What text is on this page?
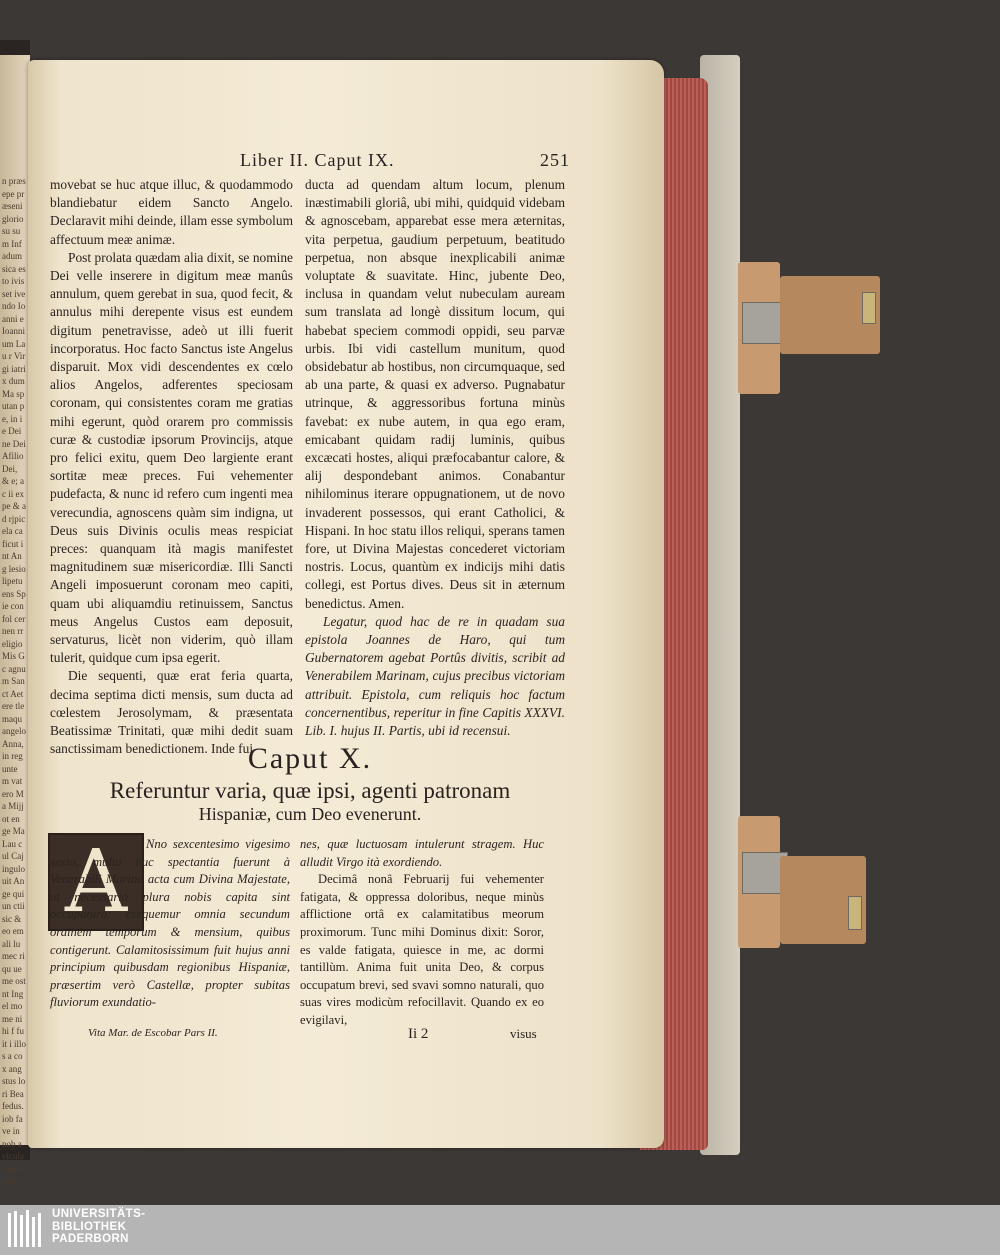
n præsepe præseni gloriosu sum Inf adum sica esto ivisset ivendo Ioanni e Ioanni um Lau r Virgi iatrix dum Ma sputan pe, in ie Dei ne Dei Afilio Dei, & e; ac ii expe & ad rjpic ela ca ficut int Ang lesio lipetu ens Spie confol cernen rreligio Mis Gc agnum Sanct Aetere tlemaqu angelo Anna, in reg unte m vatero Ma Mijjot en ge Ma Lau cul Caj ingulo uit Ange qui un ctii sic & eo emali lumec ri qu ue me ostnt Ingel mo me nihi f fuit i illos a cox ang stus lori Bea fedus. iob fave in nob avicula ratum mol
Liber II. Caput IX.	251

movebat se huc atque illuc, & quodammodo blandiebatur eidem Sancto Angelo. Declaravit mihi deinde, illam esse symbolum affectuum meæ animæ.

Post prolata quædam alia dixit, se nomine Dei velle inserere in digitum meæ manûs annulum, quem gerebat in sua, quod fecit, & annulus mihi derepente visus est eundem digitum penetravisse, adeò ut illi fuerit incorporatus. Hoc facto Sanctus iste Angelus disparuit. Mox vidi descendentes ex cœlo alios Angelos, adferentes speciosam coronam, qui consistentes coram me gratias mihi egerunt, quòd orarem pro commissis curæ & custodiæ ipsorum Provincijs, atque pro felici exitu, quem Deo largiente erant sortitæ meæ preces. Fui vehementer pudefacta, & nunc id refero cum ingenti mea verecundia, agnoscens quàm sim indigna, ut Deus suis Divinis oculis meas respiciat preces: quanquam ità magis manifestet magnitudinem suæ misericordiæ. Illi Sancti Angeli imposuerunt coronam meo capiti, quam ubi aliquamdiu retinuissem, Sanctus meus Angelus Custos eam deposuit, servaturus, licèt non viderim, quò illam tulerit, quidque cum ipsa egerit.

Die sequenti, quæ erat feria quarta, decima septima dicti mensis, sum ducta ad cœlestem Jerosolymam, & præsentata Beatissimæ Trinitati, quæ mihi dedit suam sanctissimam benedictionem. Inde fui

ducta ad quendam altum locum, plenum inæstimabili gloriâ, ubi mihi, quidquid videbam & agnoscebam, apparebat esse mera æternitas, vita perpetua, gaudium perpetuum, beatitudo perpetua, non absque inexplicabili animæ voluptate & suavitate. Hinc, jubente Deo, inclusa in quandam velut nubeculam auream sum translata ad longè dissitum locum, qui habebat speciem commodi oppidi, seu parvæ urbis. Ibi vidi castellum munitum, quod obsidebatur ab hostibus, non circumquaque, sed ab una parte, & quasi ex adverso. Pugnabatur utrinque, & aggressoribus fortuna minùs favebat: ex nube autem, in qua ego eram, emicabant quidam radij luminis, quibus excæcati hostes, aliqui præfocabantur calore, & alij despondebant animos. Conabantur nihilominus iterare oppugnationem, ut de novo invaderent possessos, qui erant Catholici, & Hispani. In hoc statu illos reliqui, sperans tamen fore, ut Divina Majestas concederet victoriam nostris. Locus, quantùm ex indicijs mihi datis collegi, est Portus dives. Deus sit in æternum benedictus. Amen.

Legatur, quod hac de re in quadam sua epistola Joannes de Haro, qui tum Gubernatorem agebat Portûs divitis, scribit ad Venerabilem Marinam, cujus precibus victoriam attribuit. Epistola, cum reliquis hoc factum concernentibus, reperitur in fine Capitis XXXVI. Lib. I. hujus II. Partis, ubi id recensui.

Caput X.
Referuntur varia, quæ ipsi, agenti patronam
Hispaniæ, cum Deo evenerunt.
A	Nno sexcentesimo vigesimo sexto, multa huc spectantia fuerunt à Venerabili Marina acta cum Divina Majestate, ut necessario plura nobis capita sint occupatura: exequemur omnia secundum ordinem temporum & mensium, quibus contigerunt. Calamitosissimum fuit hujus anni principium quibusdam regionibus Hispaniæ, præsertim verò Castellæ, propter subitas fluviorum exundatio-

nes, quæ luctuosam intulerunt stragem. Huc alludit Virgo ità exordiendo.

Decimâ nonâ Februarij fui vehementer fatigata, & oppressa doloribus, neque minùs afflictione ortâ ex calamitatibus meorum proximorum. Tunc mihi Dominus dixit: Soror, es valde fatigata, quiesce in me, ac dormi tantillùm. Anima fuit unita Deo, & corpus occupatum brevi, sed svavi somno naturali, quo suas vires modicùm refocillavit. Quando ex eo evigilavi,

Vita Mar. de Escobar Pars II.	Ii 2	visus
UNIVERSITÄTS-
BIBLIOTHEK
PADERBORN
